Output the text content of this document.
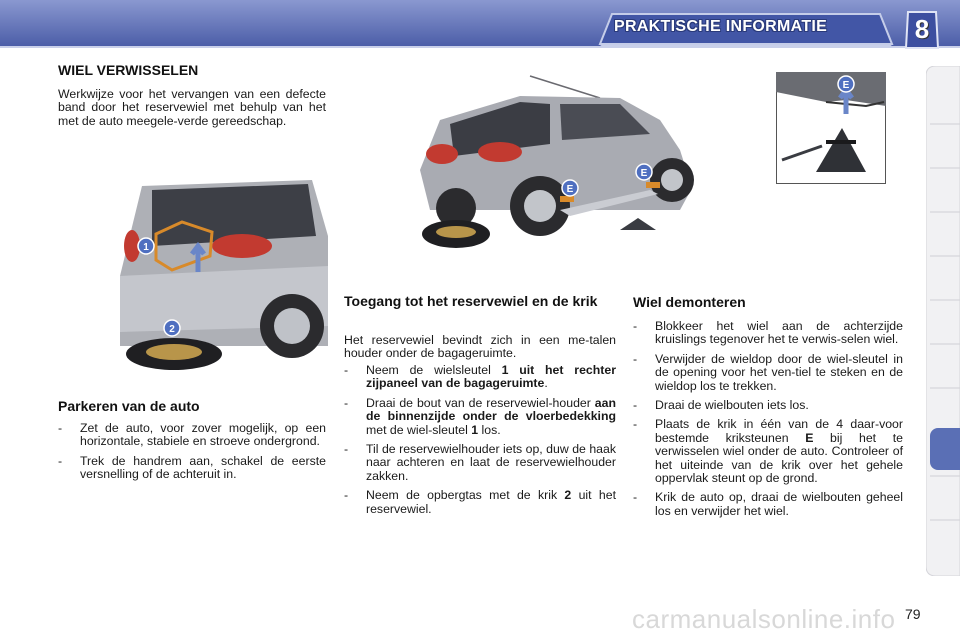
PRAKTISCHE INFORMATIE	8
WIEL VERWISSELEN

Werkwijze voor het vervangen van een defecte band door het reservewiel met behulp van het met de auto meegele-verde gereedschap.

1
2
Parkeren van de auto
- Zet de auto, voor zover mogelijk, op een horizontale, stabiele en stroeve ondergrond.
- Trek de handrem aan, schakel de eerste versnelling of de achteruit in.
E
E
E
Toegang tot het reservewiel en de krik

Het reservewiel bevindt zich in een me-talen houder onder de bagageruimte.

- Neem de wielsleutel 1 uit het rechter zijpaneel van de bagageruimte.
- Draai de bout van de reservewiel-houder aan de binnenzijde onder de vloerbedekking met de wiel-sleutel 1 los.
- Til de reservewielhouder iets op, duw de haak naar achteren en laat de reservewielhouder zakken.
- Neem de opbergtas met de krik 2 uit het reservewiel.
Wiel demonteren
- Blokkeer het wiel aan de achterzijde kruislings tegenover het te verwis-selen wiel.
- Verwijder de wieldop door de wiel-sleutel in de opening voor het ven-tiel te steken en de wieldop los te trekken.
- Draai de wielbouten iets los.
- Plaats de krik in één van de 4 daar-voor bestemde kriksteunen E bij het te verwisselen wiel onder de auto. Controleer of het uiteinde van de krik over het gehele oppervlak steunt op de grond.
- Krik de auto op, draai de wielbouten geheel los en verwijder het wiel.
carmanualsonline.info 79
